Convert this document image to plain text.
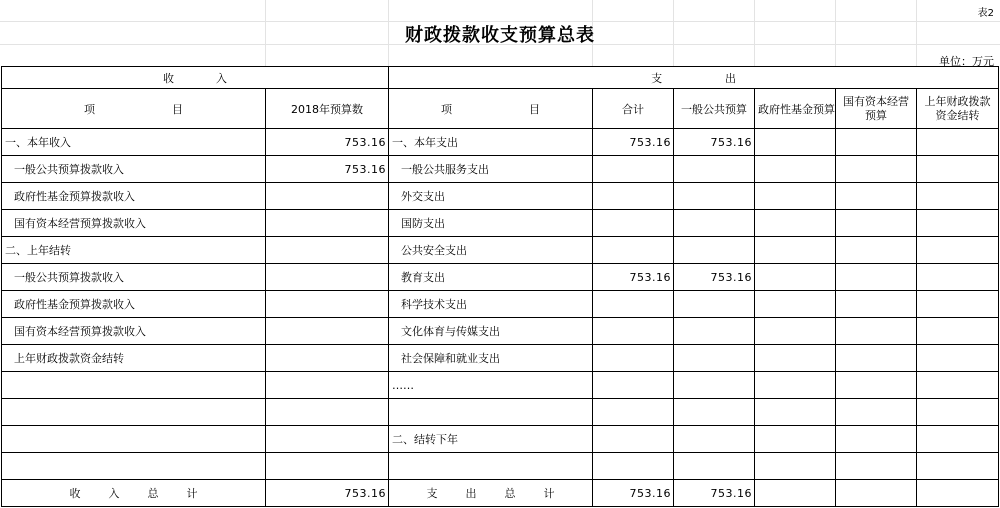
表2
财政拨款收支预算总表
单位：万元
收            入		支                  出					
项                      目	2018年预算数	项                      目	合计	一般公共预算	政府性基金预算	国有资本经营预算	上年财政拨款资金结转
一、本年收入	753.16	一、本年支出	753.16	753.16			
一般公共预算拨款收入	753.16	一般公共服务支出					
政府性基金预算拨款收入		外交支出					
国有资本经营预算拨款收入		国防支出					
二、上年结转		公共安全支出					
一般公共预算拨款收入		教育支出	753.16	753.16			
政府性基金预算拨款收入		科学技术支出					
国有资本经营预算拨款收入		文化体育与传媒支出					
上年财政拨款资金结转		社会保障和就业支出					
		……					

		二、结转下年					

收        入        总        计	753.16	支        出        总        计	753.16	753.16			
